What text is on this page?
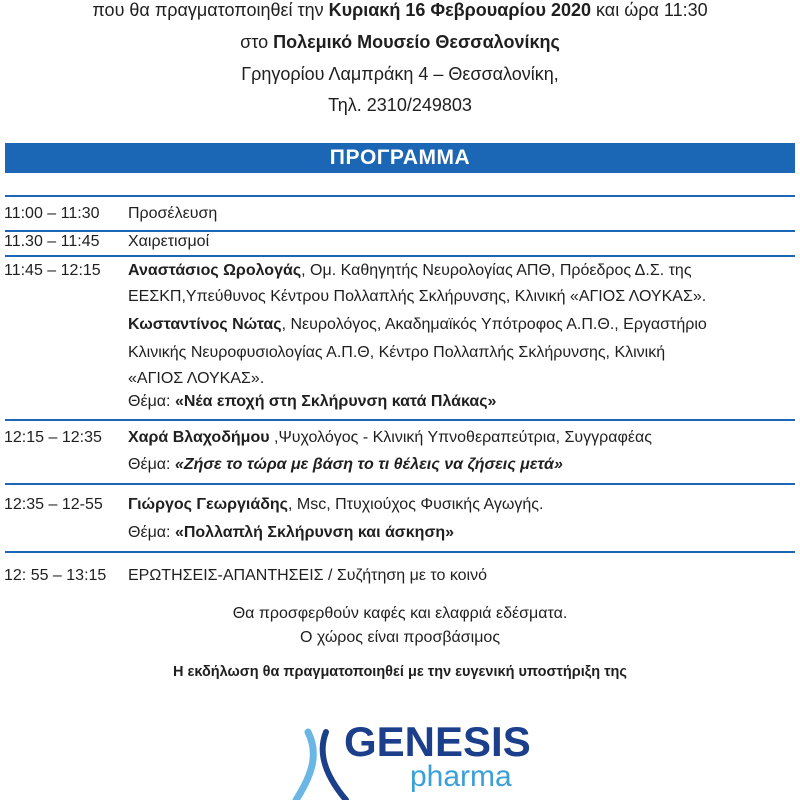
που θα πραγματοποιηθεί την Κυριακή 16 Φεβρουαρίου 2020 και ώρα 11:30
στο Πολεμικό Μουσείο Θεσσαλονίκης
Γρηγορίου Λαμπράκη 4 – Θεσσαλονίκη,
Τηλ. 2310/249803
ΠΡΟΓΡΑΜΜΑ
11:00 – 11:30	Προσέλευση
11.30 – 11:45	Χαιρετισμοί
11:45 – 12:15	Αναστάσιος Ωρολογάς, Ομ. Καθηγητής Νευρολογίας ΑΠΘ, Πρόεδρος Δ.Σ. της
ΕΕΣΚΠ,Υπεύθυνος Κέντρου Πολλαπλής Σκλήρυνσης, Κλινική «ΑΓΙΟΣ ΛΟΥΚΑΣ».
Κωσταντίνος Νώτας, Νευρολόγος, Ακαδημαϊκός Υπότροφος Α.Π.Θ., Εργαστήριο
Κλινικής Νευροφυσιολογίας Α.Π.Θ, Κέντρο Πολλαπλής Σκλήρυνσης, Κλινική
«ΑΓΙΟΣ ΛΟΥΚΑΣ».
Θέμα: «Νέα εποχή στη Σκλήρυνση κατά Πλάκας»
12:15 – 12:35	Χαρά Βλαχοδήμου ,Ψυχολόγος - Κλινική Υπνοθεραπεύτρια, Συγγραφέας
Θέμα: «Ζήσε το τώρα με βάση το τι θέλεις να ζήσεις μετά»
12:35 – 12-55	Γιώργος Γεωργιάδης, Msc, Πτυχιούχος Φυσικής Αγωγής.
Θέμα: «Πολλαπλή Σκλήρυνση και άσκηση»
12: 55 – 13:15	ΕΡΩΤΗΣΕΙΣ-ΑΠΑΝΤΗΣΕΙΣ / Συζήτηση με το κοινό
Θα προσφερθούν καφές και ελαφριά εδέσματα.
Ο χώρος είναι προσβάσιμος
Η εκδήλωση θα πραγματοποιηθεί με την ευγενική υποστήριξη της
GENESIS
pharma
